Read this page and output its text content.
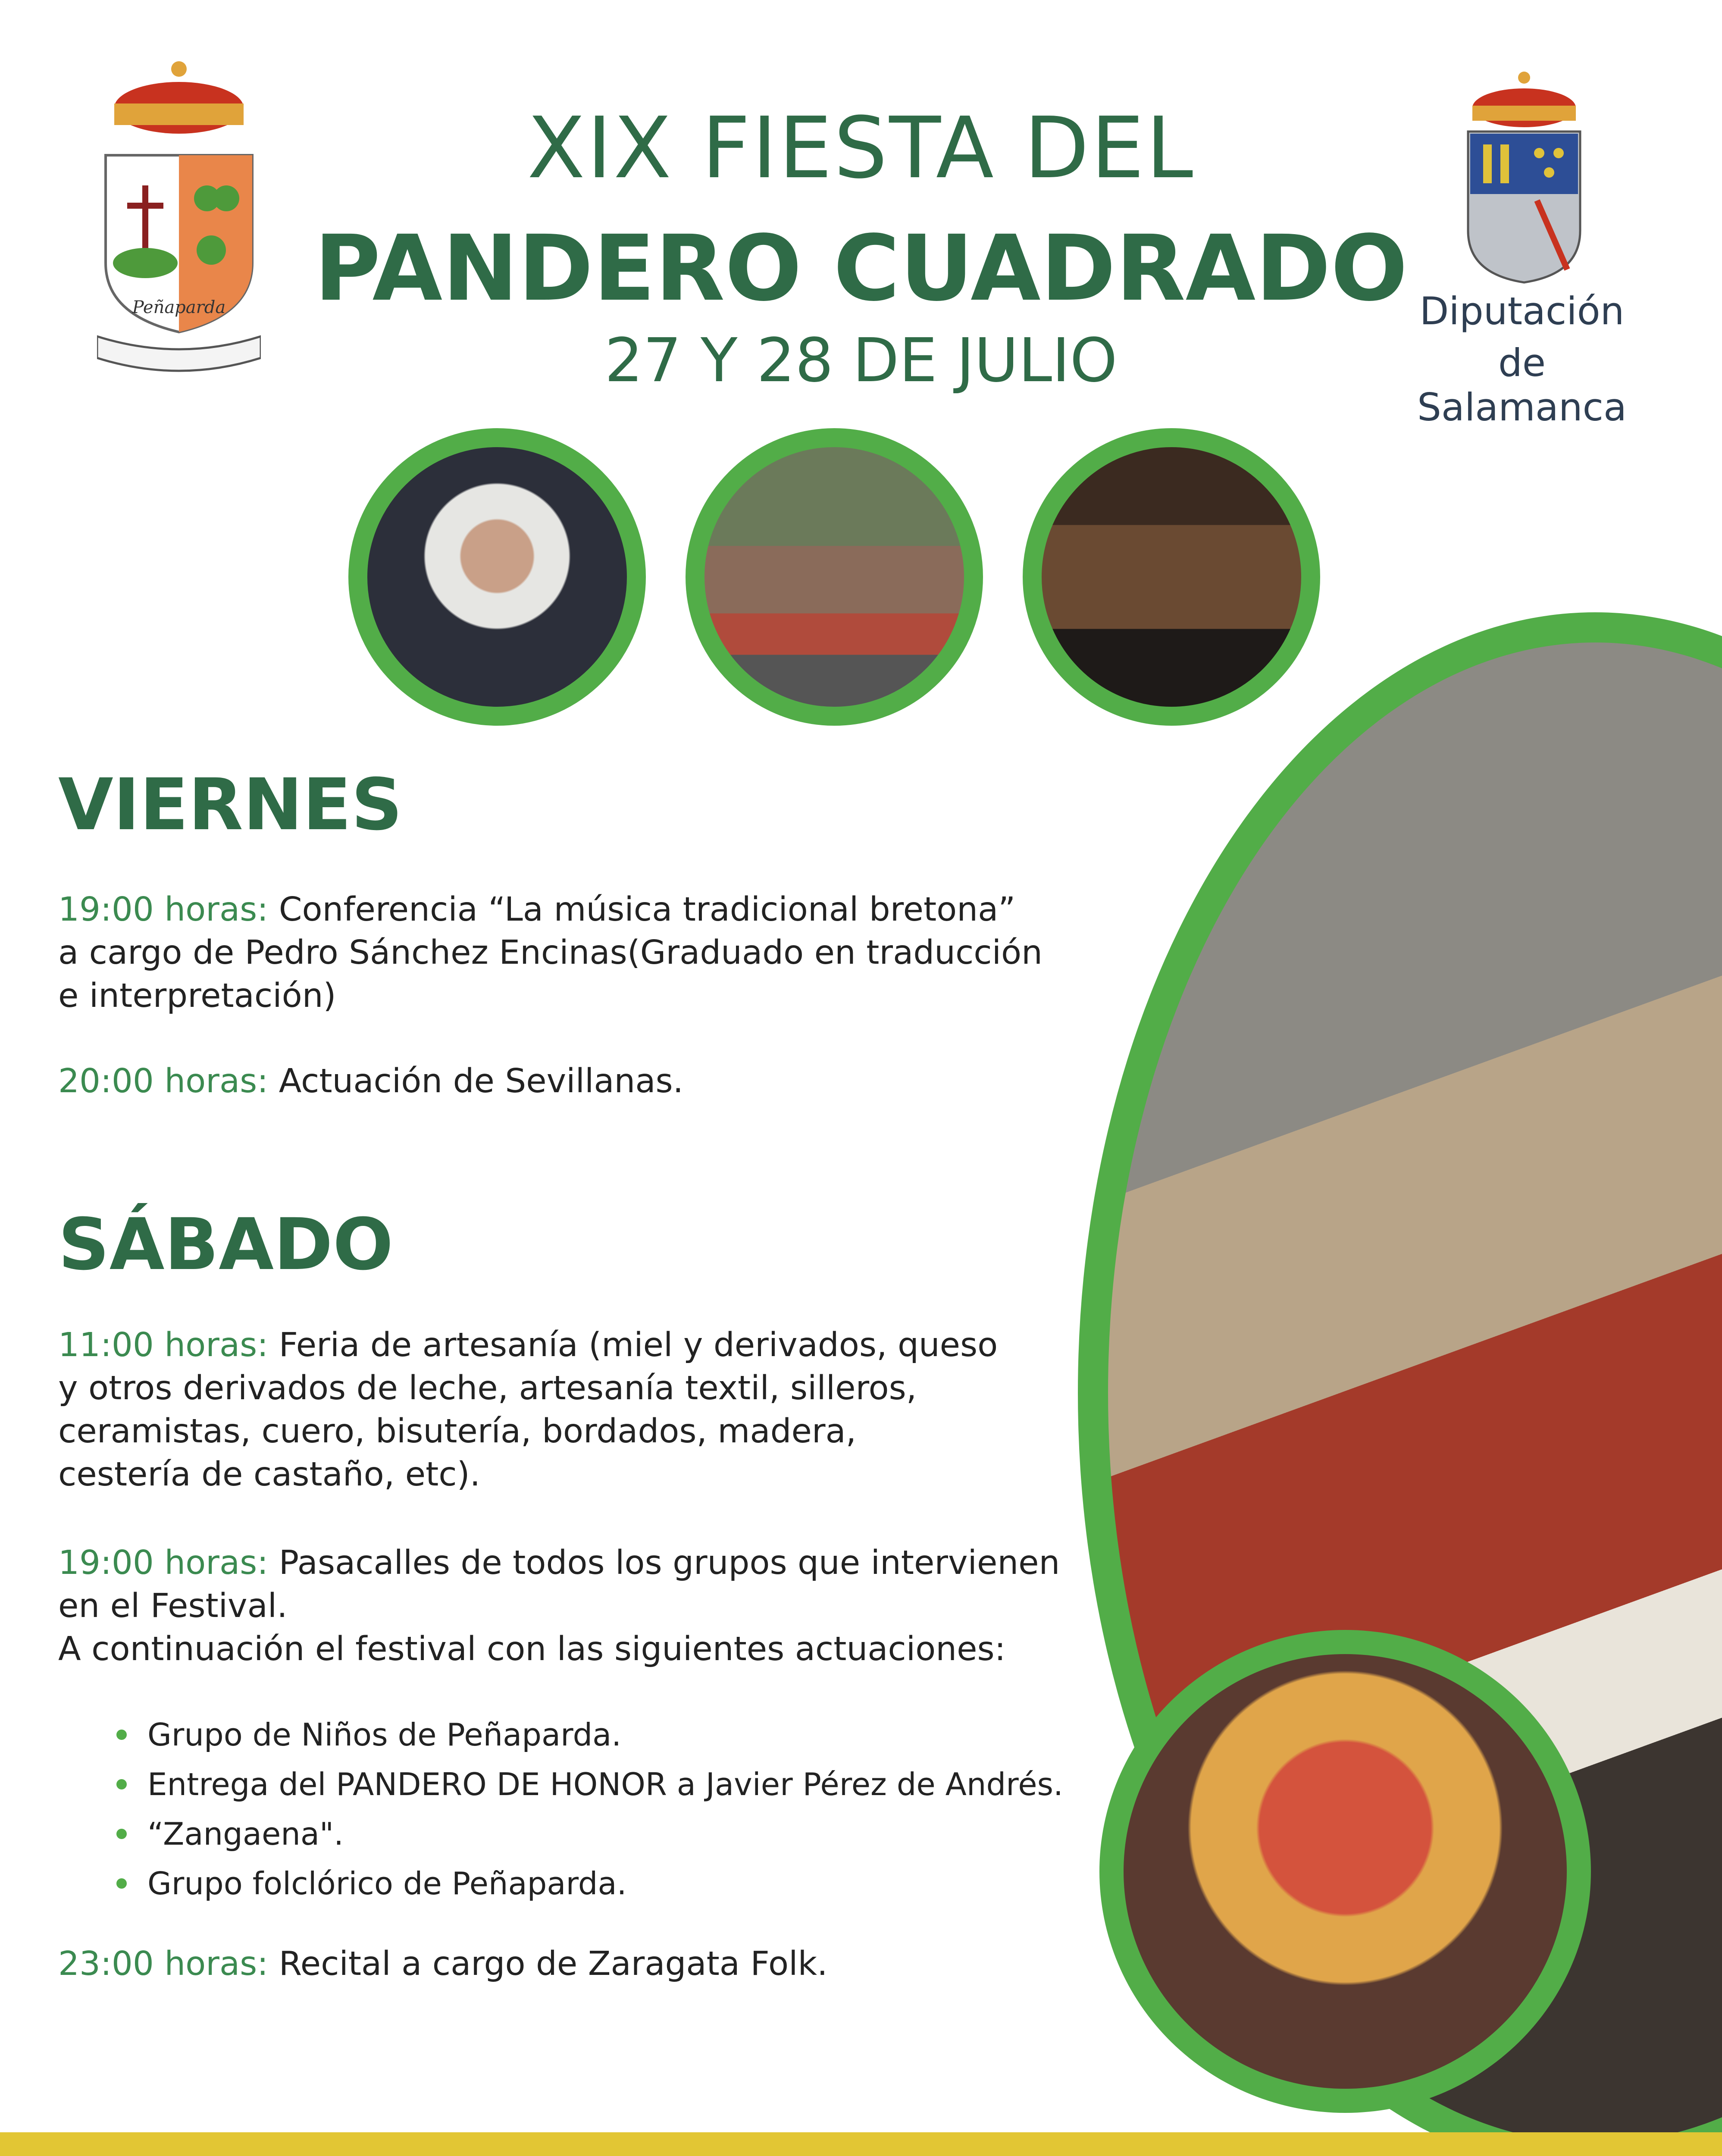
XIX FIESTA DEL
PANDERO CUADRADO
27 Y 28 DE JULIO
Peñaparda	Diputación
de Salamanca
VIERNES
19:00 horas: Conferencia “La música tradicional bretona”
a cargo de Pedro Sánchez Encinas(Graduado en traducción
e interpretación)
20:00 horas: Actuación de Sevillanas.
SÁBADO
11:00 horas: Feria de artesanía (miel y derivados, queso
y otros derivados de leche, artesanía textil, silleros,
ceramistas, cuero, bisutería, bordados, madera,
cestería de castaño, etc).
19:00 horas: Pasacalles de todos los grupos que intervienen
en el Festival.
A continuación el festival con las siguientes actuaciones:
Grupo de Niños de Peñaparda.
Entrega del PANDERO DE HONOR a Javier Pérez de Andrés.
“Zangaena".
Grupo folclórico de Peñaparda.
23:00 horas: Recital a cargo de Zaragata Folk.
